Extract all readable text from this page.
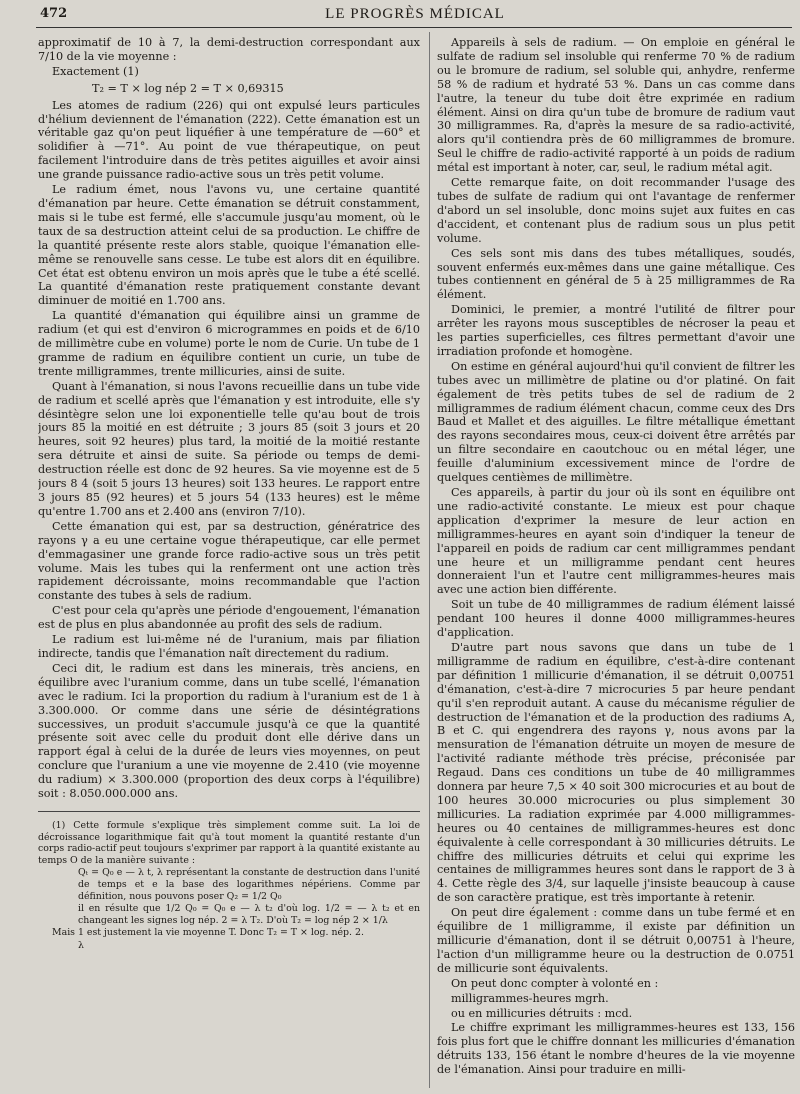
472	LE PROGRÈS MÉDICAL

approximatif de 10 à 7, la demi-destruction correspondant aux 7/10 de la vie moyenne :

Exactement (1)

T₂ = T × log nép 2 = T × 0,69315

Les atomes de radium (226) qui ont expulsé leurs particules d'hélium deviennent de l'émanation (222). Cette émanation est un véritable gaz qu'on peut liquéfier à une température de —60° et solidifier à —71°. Au point de vue thérapeutique, on peut facilement l'introduire dans de très petites aiguilles et avoir ainsi une grande puissance radio-active sous un très petit volume.

Le radium émet, nous l'avons vu, une certaine quantité d'émanation par heure. Cette émanation se détruit constamment, mais si le tube est fermé, elle s'accumule jusqu'au moment, où le taux de sa destruction atteint celui de sa production. Le chiffre de la quantité présente reste alors stable, quoique l'émanation elle-même se renouvelle sans cesse. Le tube est alors dit en équilibre. Cet état est obtenu environ un mois après que le tube a été scellé. La quantité d'émanation reste pratiquement constante devant diminuer de moitié en 1.700 ans.

La quantité d'émanation qui équilibre ainsi un gramme de radium (et qui est d'environ 6 microgrammes en poids et de 6/10 de millimètre cube en volume) porte le nom de Curie. Un tube de 1 gramme de radium en équilibre contient un curie, un tube de trente milligrammes, trente millicuries, ainsi de suite.

Quant à l'émanation, si nous l'avons recueillie dans un tube vide de radium et scellé après que l'émanation y est introduite, elle s'y désintègre selon une loi exponentielle telle qu'au bout de trois jours 85 la moitié en est détruite ; 3 jours 85 (soit 3 jours et 20 heures, soit 92 heures) plus tard, la moitié de la moitié restante sera détruite et ainsi de suite. Sa période ou temps de demi-destruction réelle est donc de 92 heures. Sa vie moyenne est de 5 jours 8 4 (soit 5 jours 13 heures) soit 133 heures. Le rapport entre 3 jours 85 (92 heures) et 5 jours 54 (133 heures) est le même qu'entre 1.700 ans et 2.400 ans (environ 7/10).

Cette émanation qui est, par sa destruction, génératrice des rayons γ a eu une certaine vogue thérapeutique, car elle permet d'emmagasiner une grande force radio-active sous un très petit volume. Mais les tubes qui la renferment ont une action très rapidement décroissante, moins recommandable que l'action constante des tubes à sels de radium.

C'est pour cela qu'après une période d'engouement, l'émanation est de plus en plus abandonnée au profit des sels de radium.

Le radium est lui-même né de l'uranium, mais par filiation indirecte, tandis que l'émanation naît directement du radium.

Ceci dit, le radium est dans les minerais, très anciens, en équilibre avec l'uranium comme, dans un tube scellé, l'émanation avec le radium. Ici la proportion du radium à l'uranium est de 1 à 3.300.000. Or comme dans une série de désintégrations successives, un produit s'accumule jusqu'à ce que la quantité présente soit avec celle du produit dont elle dérive dans un rapport égal à celui de la durée de leurs vies moyennes, on peut conclure que l'uranium a une vie moyenne de 2.410 (vie moyenne du radium) × 3.300.000 (proportion des deux corps à l'équilibre) soit : 8.050.000.000 ans.

(1) Cette formule s'explique très simplement comme suit. La loi de décroissance logarithmique fait qu'à tout moment la quantité restante d'un corps radio-actif peut toujours s'exprimer par rapport à la quantité existante au temps O de la manière suivante :

Qₜ = Q₀ e — λ t, λ représentant la constante de destruction dans l'unité de temps et e la base des logarithmes népériens. Comme par définition, nous pouvons poser Q₂ = 1/2 Q₀

il en résulte que 1/2 Q₀ = Q₀ e — λ t₂ d'où log. 1/2 = — λ t₂ et en changeant les signes log nép. 2 = λ T₂. D'où T₂ = log nép 2 × 1/λ

Mais 1 est justement la vie moyenne T. Donc T₂ = T × log. nép. 2.

λ

Appareils à sels de radium. — On emploie en général le sulfate de radium sel insoluble qui renferme 70 % de radium ou le bromure de radium, sel soluble qui, anhydre, renferme 58 % de radium et hydraté 53 %. Dans un cas comme dans l'autre, la teneur du tube doit être exprimée en radium élément. Ainsi on dira qu'un tube de bromure de radium vaut 30 milligrammes. Ra, d'après la mesure de sa radio-activité, alors qu'il contiendra près de 60 milligrammes de bromure. Seul le chiffre de radio-activité rapporté à un poids de radium métal est important à noter, car, seul, le radium métal agit.

Cette remarque faite, on doit recommander l'usage des tubes de sulfate de radium qui ont l'avantage de renfermer d'abord un sel insoluble, donc moins sujet aux fuites en cas d'accident, et contenant plus de radium sous un plus petit volume.

Ces sels sont mis dans des tubes métalliques, soudés, souvent enfermés eux-mêmes dans une gaine métallique. Ces tubes contiennent en général de 5 à 25 milligrammes de Ra élément.

Dominici, le premier, a montré l'utilité de filtrer pour arrêter les rayons mous susceptibles de nécroser la peau et les parties superficielles, ces filtres permettant d'avoir une irradiation profonde et homogène.

On estime en général aujourd'hui qu'il convient de filtrer les tubes avec un millimètre de platine ou d'or platiné. On fait également de très petits tubes de sel de radium de 2 milligrammes de radium élément chacun, comme ceux des Drs Baud et Mallet et des aiguilles. Le filtre métallique émettant des rayons secondaires mous, ceux-ci doivent être arrêtés par un filtre secondaire en caoutchouc ou en métal léger, une feuille d'aluminium excessivement mince de l'ordre de quelques centièmes de millimètre.

Ces appareils, à partir du jour où ils sont en équilibre ont une radio-activité constante. Le mieux est pour chaque application d'exprimer la mesure de leur action en milligrammes-heures en ayant soin d'indiquer la teneur de l'appareil en poids de radium car cent milligrammes pendant une heure et un milligramme pendant cent heures donneraient l'un et l'autre cent milligrammes-heures mais avec une action bien différente.

Soit un tube de 40 milligrammes de radium élément laissé pendant 100 heures il donne 4000 milligrammes-heures d'application.

D'autre part nous savons que dans un tube de 1 milligramme de radium en équilibre, c'est-à-dire contenant par définition 1 millicurie d'émanation, il se détruit 0,00751 d'émanation, c'est-à-dire 7 microcuries 5 par heure pendant qu'il s'en reproduit autant. A cause du mécanisme régulier de destruction de l'émanation et de la production des radiums A, B et C. qui engendrera des rayons γ, nous avons par la mensuration de l'émanation détruite un moyen de mesure de l'activité radiante méthode très précise, préconisée par Regaud. Dans ces conditions un tube de 40 milligrammes donnera par heure 7,5 × 40 soit 300 microcuries et au bout de 100 heures 30.000 microcuries ou plus simplement 30 millicuries. La radiation exprimée par 4.000 milligrammes-heures ou 40 centaines de milligrammes-heures est donc équivalente à celle correspondant à 30 millicuries détruits. Le chiffre des millicuries détruits et celui qui exprime les centaines de milligrammes heures sont dans le rapport de 3 à 4. Cette règle des 3/4, sur laquelle j'insiste beaucoup à cause de son caractère pratique, est très importante à retenir.

On peut dire également : comme dans un tube fermé et en équilibre de 1 milligramme, il existe par définition un millicurie d'émanation, dont il se détruit 0,00751 à l'heure, l'action d'un milligramme heure ou la destruction de 0.0751 de millicurie sont équivalents.

On peut donc compter à volonté en :

milligrammes-heures mgrh.

ou en millicuries détruits : mcd.

Le chiffre exprimant les milligrammes-heures est 133, 156 fois plus fort que le chiffre donnant les millicuries d'émanation détruits 133, 156 étant le nombre d'heures de la vie moyenne de l'émanation. Ainsi pour traduire en milli-
